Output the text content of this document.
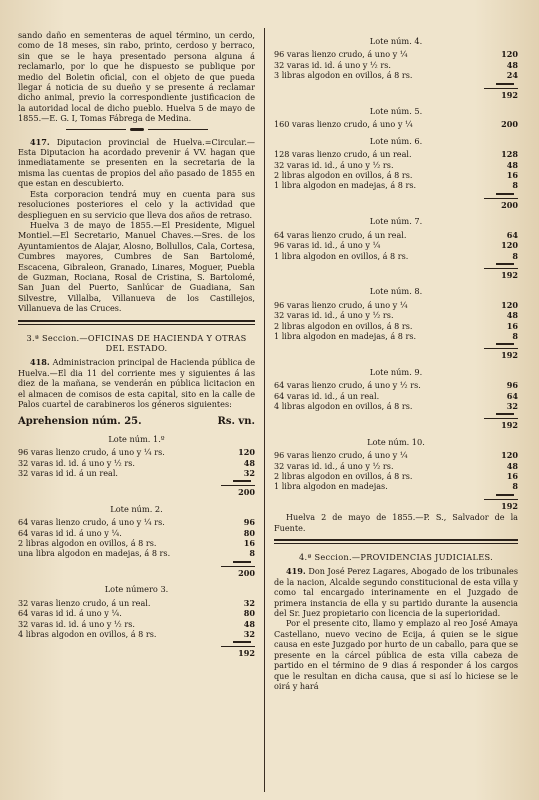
sando daño en sementeras de aquel término, un cerdo, como de 18 meses, sin rabo, printo, cerdoso y berraco, sin que se le haya presentado persona alguna á reclamarlo, por lo que he dispuesto se publique por medio del Boletin oficial, con el objeto de que pueda llegar á noticia de su dueño y se presente á reclamar dicho animal, previo la correspondiente justificacion de la autoridad local de dicho pueblo. Huelva 5 de mayo de 1855.—E. G. I, Tomas Fábrega de Medina.

417. Diputacion provincial de Huelva.=Circular.—Esta Diputacion ha acordado prevenir á VV. hagan que inmediatamente se presenten en la secretaria de la misma las cuentas de propios del año pasado de 1855 en que estan en descubierto.

Esta corporacion tendrá muy en cuenta para sus resoluciones posteriores el celo y la actividad que desplieguen en su servicio que lleva dos años de retraso.

Huelva 3 de mayo de 1855.—El Presidente, Miguel Montiel.—El Secretario, Manuel Chaves.—Sres. de los Ayuntamientos de Alajar, Alosno, Bollullos, Cala, Cortesa, Cumbres mayores, Cumbres de San Bartolomé, Escacena, Gibraleon, Granado, Linares, Moguer, Puebla de Guzman, Rociana, Rosal de Cristina, S. Bartolomé, San Juan del Puerto, Sanlúcar de Guadiana, San Silvestre, Villalba, Villanueva de los Castillejos, Villanueva de las Cruces.

3.ª Seccion.—OFICINAS DE HACIENDA Y OTRAS DEL ESTADO.

418. Administracion principal de Hacienda pública de Huelva.—El dia 11 del corriente mes y siguientes á las diez de la mañana, se venderán en pública licitacion en el almacen de comisos de esta capital, sito en la calle de Palos cuartel de carabineros los géneros siguientes:

Aprehension núm. 25.	Rs. vn.
Lote núm. 1.º
96 varas lienzo crudo, á uno y ¼ rs.	120
32 varas id. id. á uno y ½ rs.	48
32 varas id id. á un real.	32
200
Lote núm. 2.
64 varas lienzo crudo, á uno y ¼ rs.	96
64 varas id id. á uno y ¼.	80
2 libras algodon en ovillos, á 8 rs.	16
una libra algodon en madejas, á 8 rs.	8
200
Lote número 3.
32 varas lienzo crudo, á un real.	32
64 varas id id. á uno y ¼.	80
32 varas id. id. á uno y ½ rs.	48
4 libras algodon en ovillos, á 8 rs.	32
192
Lote núm. 4.
96 varas lienzo crudo, á uno y ¼	120
32 varas id. id. á uno y ½ rs.	48
3 libras algodon en ovillos, á 8 rs.	24
192
Lote núm. 5.
160 varas lienzo crudo, á uno y ¼	200
Lote núm. 6.
128 varas lienzo crudo, á un real.	128
32 varas id. id., á uno y ½ rs.	48
2 libras algodon en ovillos, á 8 rs.	16
1 libra algodon en madejas, á 8 rs.	8
200
Lote núm. 7.
64 varas lienzo crudo, á un real.	64
96 varas id. id., á uno y ¼	120
1 libra algodon en ovillos, á 8 rs.	8
192
Lote núm. 8.
96 varas lienzo crudo, á uno y ¼	120
32 varas id. id., á uno y ½ rs.	48
2 libras algodon en ovillos, á 8 rs.	16
1 libra algodon en madejas, á 8 rs.	8
192
Lote núm. 9.
64 varas lienzo crudo, á uno y ½ rs.	96
64 varas id. id., á un real.	64
4 libras algodon en ovillos, á 8 rs.	32
192
Lote núm. 10.
96 varas lienzo crudo, á uno y ¼	120
32 varas id. id., á uno y ½ rs.	48
2 libras algodon en ovillos, á 8 rs.	16
1 libra algodon en madejas.	8
192

Huelva 2 de mayo de 1855.—P. S., Salvador de la Fuente.

4.ª Seccion.—PROVIDENCIAS JUDICIALES.

419. Don José Perez Lagares, Abogado de los tribunales de la nacion, Alcalde segundo constitucional de esta villa y como tal encargado interinamente en el Juzgado de primera instancia de ella y su partido durante la ausencia del Sr. Juez propietario con licencia de la superioridad.

Por el presente cito, llamo y emplazo al reo José Amaya Castellano, nuevo vecino de Ecija, á quien se le sigue causa en este Juzgado por hurto de un caballo, para que se presente en la cárcel pública de esta villa cabeza de partido en el término de 9 dias á responder á los cargos que le resultan en dicha causa, que si así lo hiciese se le oirá y hará
